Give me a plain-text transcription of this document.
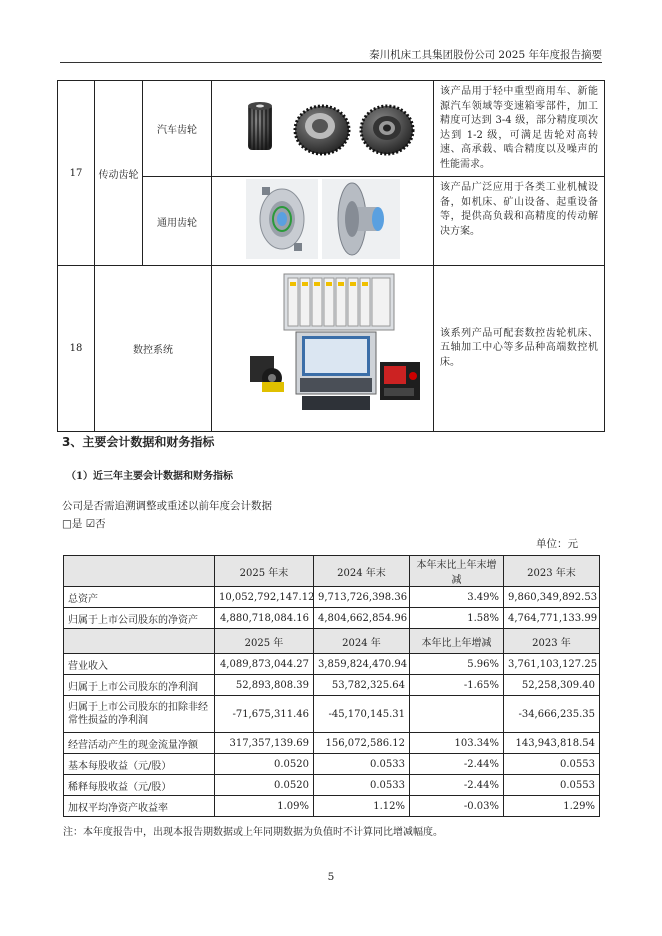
秦川机床工具集团股份公司 2025 年年度报告摘要
17	传动齿轮	汽车齿轮		该产品用于轻中重型商用车、新能源汽车领域等变速箱零部件，加工精度可达到 3-4 级，部分精度项次达到 1-2 级，可满足齿轮对高转速、高承载、啮合精度以及噪声的性能需求。
		通用齿轮		该产品广泛应用于各类工业机械设备，如机床、矿山设备、起重设备等，提供高负载和高精度的传动解决方案。
18	数控系统			该系列产品可配套数控齿轮机床、五轴加工中心等多品种高端数控机床。
3、主要会计数据和财务指标
（1）近三年主要会计数据和财务指标
公司是否需追溯调整或重述以前年度会计数据
□是 ☑否
单位：元
	2025 年末	2024 年末	本年末比上年末增减	2023 年末
总资产	10,052,792,147.12	9,713,726,398.36	3.49%	9,860,349,892.53
归属于上市公司股东的净资产	4,880,718,084.16	4,804,662,854.96	1.58%	4,764,771,133.99
	2025 年	2024 年	本年比上年增减	2023 年
营业收入	4,089,873,044.27	3,859,824,470.94	5.96%	3,761,103,127.25
归属于上市公司股东的净利润	52,893,808.39	53,782,325.64	-1.65%	52,258,309.40
归属于上市公司股东的扣除非经常性损益的净利润	-71,675,311.46	-45,170,145.31		-34,666,235.35
经营活动产生的现金流量净额	317,357,139.69	156,072,586.12	103.34%	143,943,818.54
基本每股收益（元/股）	0.0520	0.0533	-2.44%	0.0553
稀释每股收益（元/股）	0.0520	0.0533	-2.44%	0.0553
加权平均净资产收益率	1.09%	1.12%	-0.03%	1.29%
注：本年度报告中，出现本报告期数据或上年同期数据为负值时不计算同比增减幅度。
5
